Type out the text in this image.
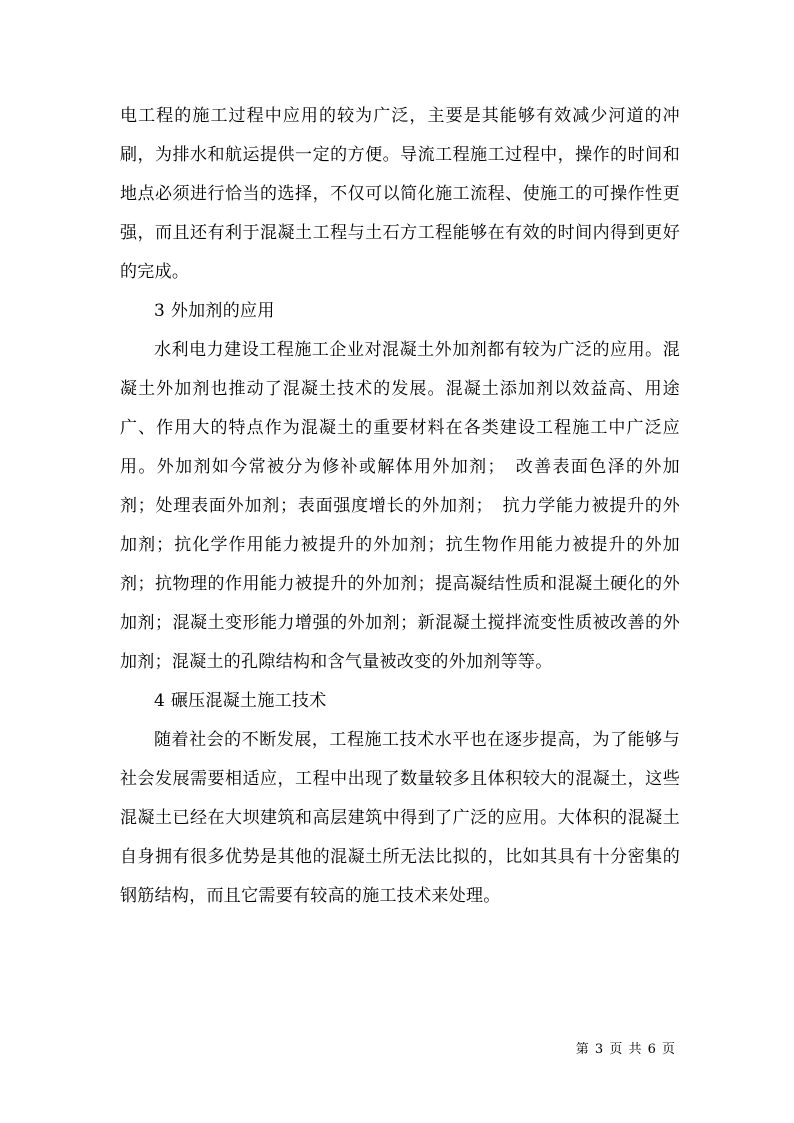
电工程的施工过程中应用的较为广泛，主要是其能够有效减少河道的冲刷，为排水和航运提供一定的方便。导流工程施工过程中，操作的时间和地点必须进行恰当的选择，不仅可以简化施工流程、使施工的可操作性更强，而且还有利于混凝土工程与土石方工程能够在有效的时间内得到更好的完成。

3 外加剂的应用

水利电力建设工程施工企业对混凝土外加剂都有较为广泛的应用。混凝土外加剂也推动了混凝土技术的发展。混凝土添加剂以效益高、用途广、作用大的特点作为混凝土的重要材料在各类建设工程施工中广泛应用。外加剂如今常被分为修补或解体用外加剂；　改善表面色泽的外加剂；处理表面外加剂；表面强度增长的外加剂；　抗力学能力被提升的外加剂；抗化学作用能力被提升的外加剂；抗生物作用能力被提升的外加剂；抗物理的作用能力被提升的外加剂；提高凝结性质和混凝土硬化的外加剂；混凝土变形能力增强的外加剂；新混凝土搅拌流变性质被改善的外加剂；混凝土的孔隙结构和含气量被改变的外加剂等等。

4 碾压混凝土施工技术

随着社会的不断发展，工程施工技术水平也在逐步提高，为了能够与社会发展需要相适应，工程中出现了数量较多且体积较大的混凝土，这些混凝土已经在大坝建筑和高层建筑中得到了广泛的应用。大体积的混凝土自身拥有很多优势是其他的混凝土所无法比拟的，比如其具有十分密集的钢筋结构，而且它需要有较高的施工技术来处理。

第 3 页 共 6 页
